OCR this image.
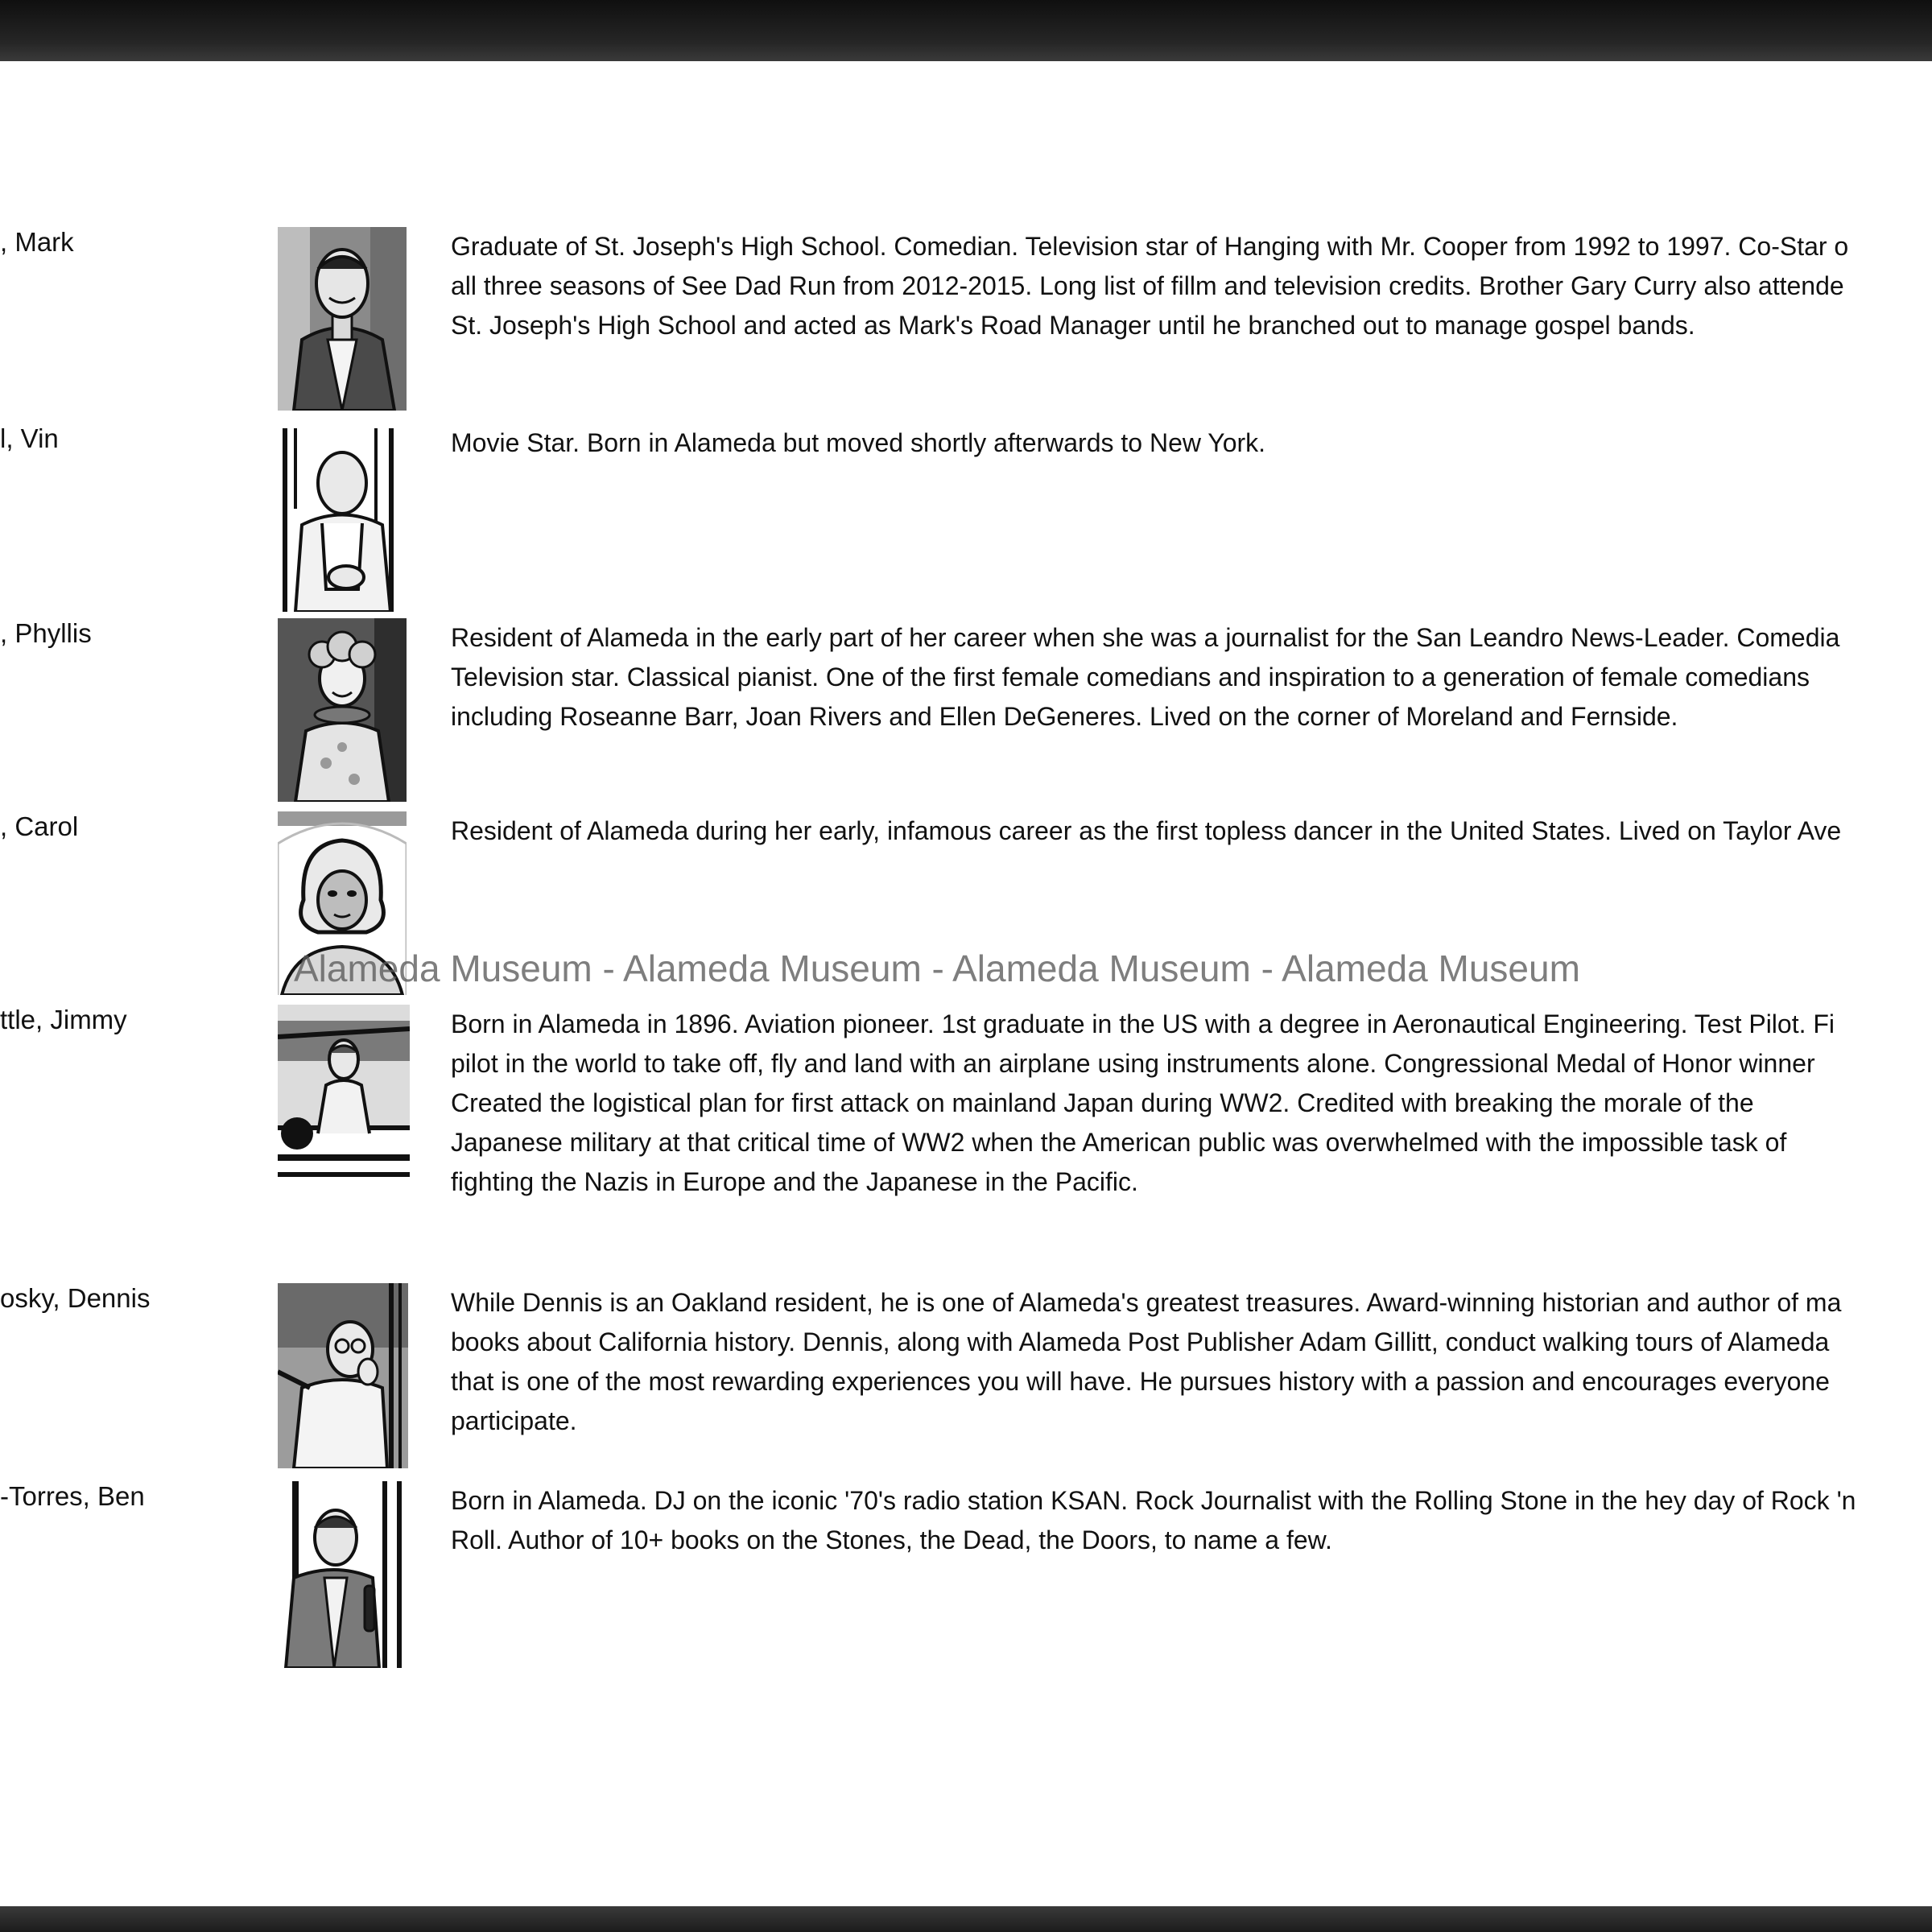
, Mark	Graduate of St. Joseph's High School. Comedian. Television star of Hanging with Mr. Cooper from 1992 to 1997. Co-Star o
all three seasons of See Dad Run from 2012-2015. Long list of fillm and television credits. Brother Gary Curry also attende
St. Joseph's High School and acted as Mark's Road Manager until he branched out to manage gospel bands.
l, Vin	Movie Star. Born in Alameda but moved shortly afterwards to New York.
, Phyllis	Resident of Alameda in the early part of her career when she was a journalist for the San Leandro News-Leader. Comedia
Television star. Classical pianist. One of the first female comedians and inspiration to a generation of female comedians
including Roseanne Barr, Joan Rivers and Ellen DeGeneres. Lived on the corner of Moreland and Fernside.
, Carol	Resident of Alameda during her early, infamous career as the first topless dancer in the United States. Lived on Taylor Ave
ttle, Jimmy	Born in Alameda in 1896. Aviation pioneer. 1st graduate in the US with a degree in Aeronautical Engineering. Test Pilot. Fi
pilot in the world to take off, fly and land with an airplane using instruments alone. Congressional Medal of Honor winner
Created the logistical plan for first attack on mainland Japan during WW2. Credited with breaking the morale of the
Japanese military at that critical time of WW2 when the American public was overwhelmed with the impossible task of
fighting the Nazis in Europe and the Japanese in the Pacific.
osky, Dennis	While Dennis is an Oakland resident, he is one of Alameda's greatest treasures. Award-winning historian and author of ma
books about California history. Dennis, along with Alameda Post Publisher Adam Gillitt, conduct walking tours of Alameda
that is one of the most rewarding experiences you will have. He pursues history with a passion and encourages everyone
participate.
-Torres, Ben	Born in Alameda. DJ on the iconic '70's radio station KSAN. Rock Journalist with the Rolling Stone in the hey day of Rock 'n
Roll. Author of 10+ books on the Stones, the Dead, the Doors, to name a few.
Alameda Museum - Alameda Museum - Alameda Museum - Alameda Museum
